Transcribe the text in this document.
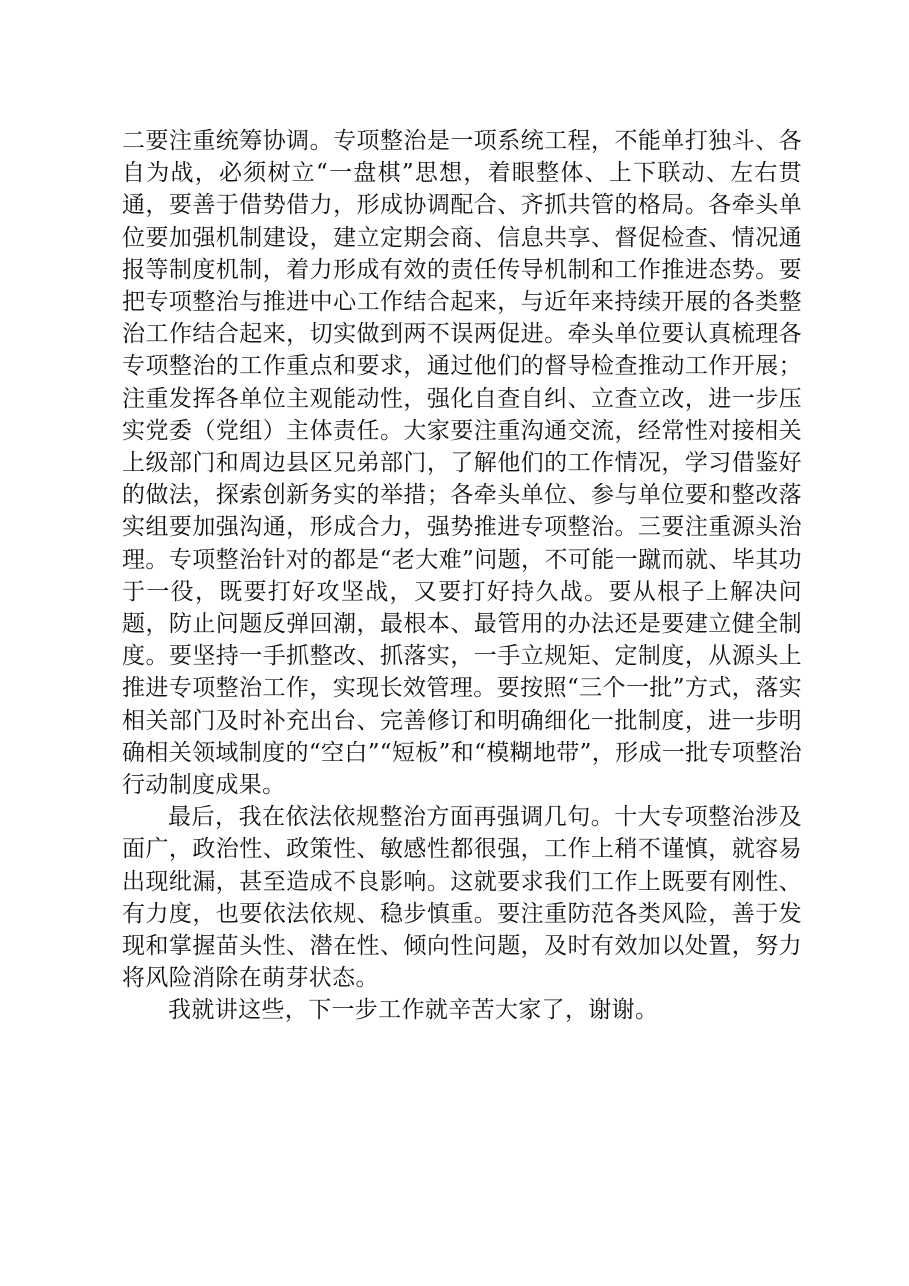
二要注重统筹协调。专项整治是一项系统工程，不能单打独斗、各自为战，必须树立“一盘棋”思想，着眼整体、上下联动、左右贯通，要善于借势借力，形成协调配合、齐抓共管的格局。各牵头单位要加强机制建设，建立定期会商、信息共享、督促检查、情况通报等制度机制，着力形成有效的责任传导机制和工作推进态势。要把专项整治与推进中心工作结合起来，与近年来持续开展的各类整治工作结合起来，切实做到两不误两促进。牵头单位要认真梳理各专项整治的工作重点和要求，通过他们的督导检查推动工作开展；注重发挥各单位主观能动性，强化自查自纠、立查立改，进一步压实党委（党组）主体责任。大家要注重沟通交流，经常性对接相关上级部门和周边县区兄弟部门，了解他们的工作情况，学习借鉴好的做法，探索创新务实的举措；各牵头单位、参与单位要和整改落实组要加强沟通，形成合力，强势推进专项整治。三要注重源头治理。专项整治针对的都是“老大难”问题，不可能一蹴而就、毕其功于一役，既要打好攻坚战，又要打好持久战。要从根子上解决问题，防止问题反弹回潮，最根本、最管用的办法还是要建立健全制度。要坚持一手抓整改、抓落实，一手立规矩、定制度，从源头上推进专项整治工作，实现长效管理。要按照“三个一批”方式，落实相关部门及时补充出台、完善修订和明确细化一批制度，进一步明确相关领域制度的“空白”“短板”和“模糊地带”，形成一批专项整治行动制度成果。

最后，我在依法依规整治方面再强调几句。十大专项整治涉及面广，政治性、政策性、敏感性都很强，工作上稍不谨慎，就容易出现纰漏，甚至造成不良影响。这就要求我们工作上既要有刚性、有力度，也要依法依规、稳步慎重。要注重防范各类风险，善于发现和掌握苗头性、潜在性、倾向性问题，及时有效加以处置，努力将风险消除在萌芽状态。

我就讲这些，下一步工作就辛苦大家了，谢谢。
